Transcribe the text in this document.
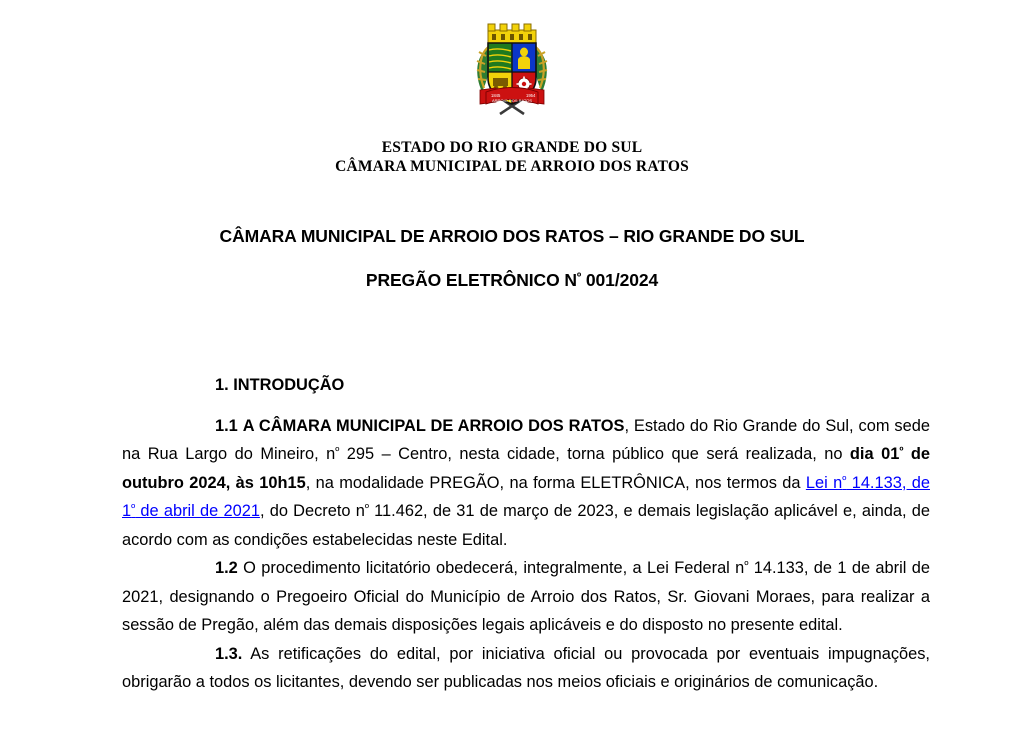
1845	1954
ARROIO DOS RATOS
ESTADO DO RIO GRANDE DO SUL
CÂMARA MUNICIPAL DE ARROIO DOS RATOS
CÂMARA MUNICIPAL DE ARROIO DOS RATOS – RIO GRANDE DO SUL
PREGÃO ELETRÔNICO $N^º$ 001/2024
1. INTRODUÇÃO

1.1 A CÂMARA MUNICIPAL DE ARROIO DOS RATOS, Estado do Rio Grande do Sul, com sede na Rua Largo do Mineiro, $n^º$ 295 – Centro, nesta cidade, torna público que será realizada, no dia $01^º$ de outubro 2024, às 10h15, na modalidade PREGÃO, na forma ELETRÔNICA, nos termos da Lei n$^º$ 14.133, de 1$^º$ de abril de 2021, do Decreto $n^º$ 11.462, de 31 de março de 2023, e demais legislação aplicável e, ainda, de acordo com as condições estabelecidas neste Edital.

1.2 O procedimento licitatório obedecerá, integralmente, a Lei Federal $n^º$ 14.133, de 1 de abril de 2021, designando o Pregoeiro Oficial do Município de Arroio dos Ratos, Sr. Giovani Moraes, para realizar a sessão de Pregão, além das demais disposições legais aplicáveis e do disposto no presente edital.

1.3. As retificações do edital, por iniciativa oficial ou provocada por eventuais impugnações, obrigarão a todos os licitantes, devendo ser publicadas nos meios oficiais e originários de comunicação.
